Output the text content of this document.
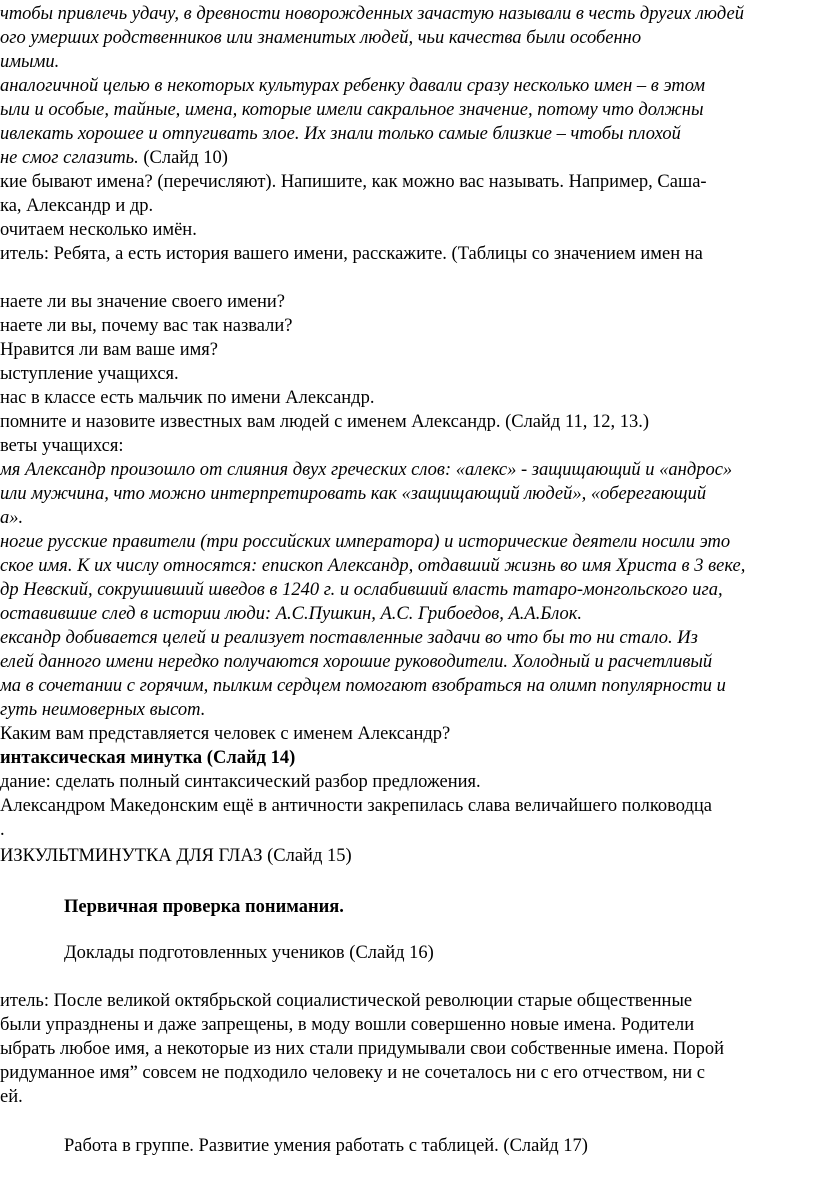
чтобы привлечь удачу, в древности новорожденных зачастую называли в честь других людей

ого умерших родственников или знаменитых людей, чьи качества были особенно

имыми.

аналогичной целью в некоторых культурах ребенку давали сразу несколько имен – в этом

ыли и особые, тайные, имена, которые имели сакральное значение, потому что должны

ивлекать хорошее и отпугивать злое. Их знали только самые близкие – чтобы плохой

не смог сглазить. (Слайд 10)

кие бывают имена? (перечисляют). Напишите, как можно вас называть. Например, Саша-

ка, Александр и др.

очитаем несколько имён.

итель: Ребята, а есть история вашего имени, расскажите. (Таблицы со значением имен на

наете ли вы значение своего имени?

наете ли вы, почему вас так назвали?

Нравится ли вам ваше имя?

ыступление учащихся.

нас в классе есть мальчик по имени Александр.

помните и назовите известных вам людей с именем Александр. (Слайд 11, 12, 13.)

веты учащихся:

мя Александр произошло от слияния двух греческих слов: «алекс» - защищающий и «андрос»

или мужчина, что можно интерпретировать как «защищающий людей», «оберегающий

а».

ногие русские правители (три российских императора) и исторические деятели носили это

ское имя. К их числу относятся: епископ Александр, отдавший жизнь во имя Христа в 3 веке,

др Невский, сокрушивший шведов в 1240 г. и ослабивший власть татаро-монгольского ига,

оставившие след в истории люди: А.С.Пушкин, А.С. Грибоедов, А.А.Блок.

ександр добивается целей и реализует поставленные задачи во что бы то ни стало. Из

елей данного имени нередко получаются хорошие руководители. Холодный и расчетливый

ма в сочетании с горячим, пылким сердцем помогают взобраться на олимп популярности и

гуть неимоверных высот.

Каким вам представляется человек с именем Александр?

интаксическая минутка (Слайд 14)

дание: сделать полный синтаксический разбор предложения.

Александром Македонским ещё в античности закрепилась слава величайшего полководца

.

ИЗКУЛЬТМИНУТКА ДЛЯ ГЛАЗ (Слайд 15)

Первичная проверка понимания.

Доклады подготовленных учеников (Слайд 16)

итель: После великой октябрьской социалистической революции старые общественные

были упразднены и даже запрещены, в моду вошли совершенно новые имена. Родители

ыбрать любое имя, а некоторые из них стали придумывали свои собственные имена. Порой

ридуманное имя” совсем не подходило человеку и не сочеталось ни с его отчеством, ни с

ей.

Работа в группе. Развитие умения работать с таблицей. (Слайд 17)
